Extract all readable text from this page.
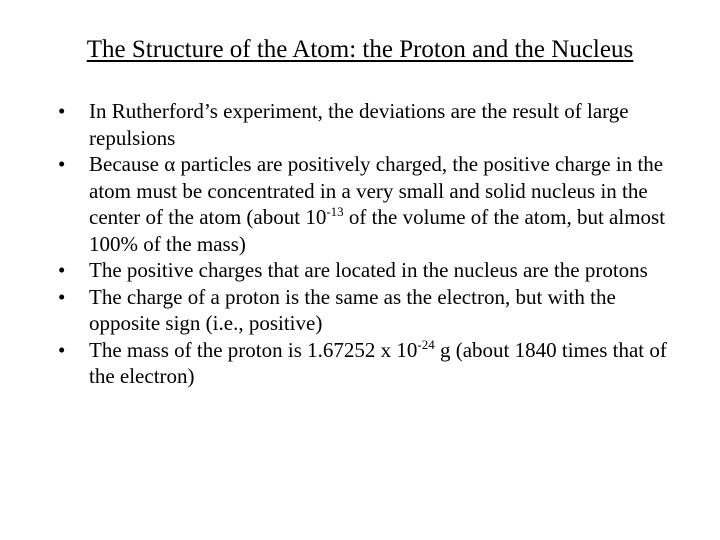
The Structure of the Atom: the Proton and the Nucleus
•	In Rutherford’s experiment, the deviations are the result of large repulsions
•	Because α particles are positively charged, the positive charge in the atom must be concentrated in a very small and solid nucleus in the center of the atom (about $10^{-13}$ of the volume of the atom, but almost 100% of the mass)
•	The positive charges that are located in the nucleus are the protons
•	The charge of a proton is the same as the electron, but with the opposite sign (i.e., positive)
•	The mass of the proton is 1.67252 x $10^{-24}$ g (about 1840 times that of the electron)
